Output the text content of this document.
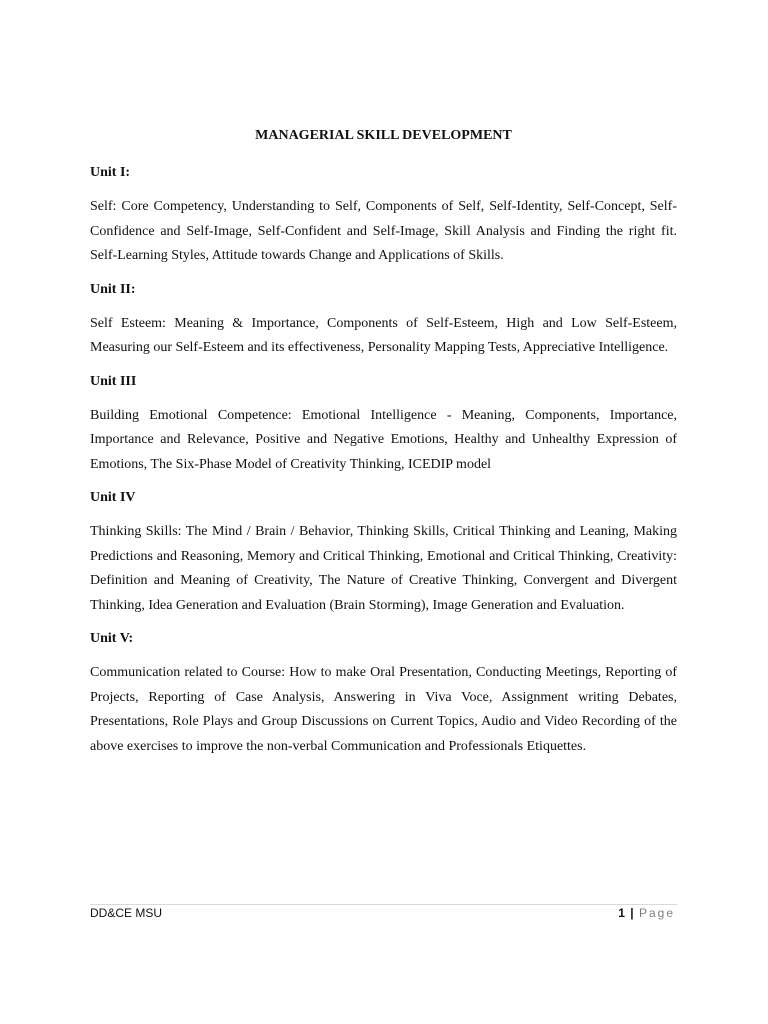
MANAGERIAL SKILL DEVELOPMENT
Unit I:
Self: Core Competency, Understanding to Self, Components of Self, Self-Identity, Self-Concept, Self-Confidence and Self-Image, Self-Confident and Self-Image, Skill Analysis and Finding the right fit. Self-Learning Styles, Attitude towards Change and Applications of Skills.
Unit II:
Self Esteem: Meaning & Importance, Components of Self-Esteem, High and Low Self-Esteem, Measuring our Self-Esteem and its effectiveness, Personality Mapping Tests, Appreciative Intelligence.
Unit III
Building Emotional Competence: Emotional Intelligence - Meaning, Components, Importance, Importance and Relevance, Positive and Negative Emotions, Healthy and Unhealthy Expression of Emotions, The Six-Phase Model of Creativity Thinking, ICEDIP model
Unit IV
Thinking Skills: The Mind / Brain / Behavior, Thinking Skills, Critical Thinking and Leaning, Making Predictions and Reasoning, Memory and Critical Thinking, Emotional and Critical Thinking, Creativity: Definition and Meaning of Creativity, The Nature of Creative Thinking, Convergent and Divergent Thinking, Idea Generation and Evaluation (Brain Storming), Image Generation and Evaluation.
Unit V:
Communication related to Course: How to make Oral Presentation, Conducting Meetings, Reporting of Projects, Reporting of Case Analysis, Answering in Viva Voce, Assignment writing Debates, Presentations, Role Plays and Group Discussions on Current Topics, Audio and Video Recording of the above exercises to improve the non-verbal Communication and Professionals Etiquettes.
DD&CE MSU	1 | Page
